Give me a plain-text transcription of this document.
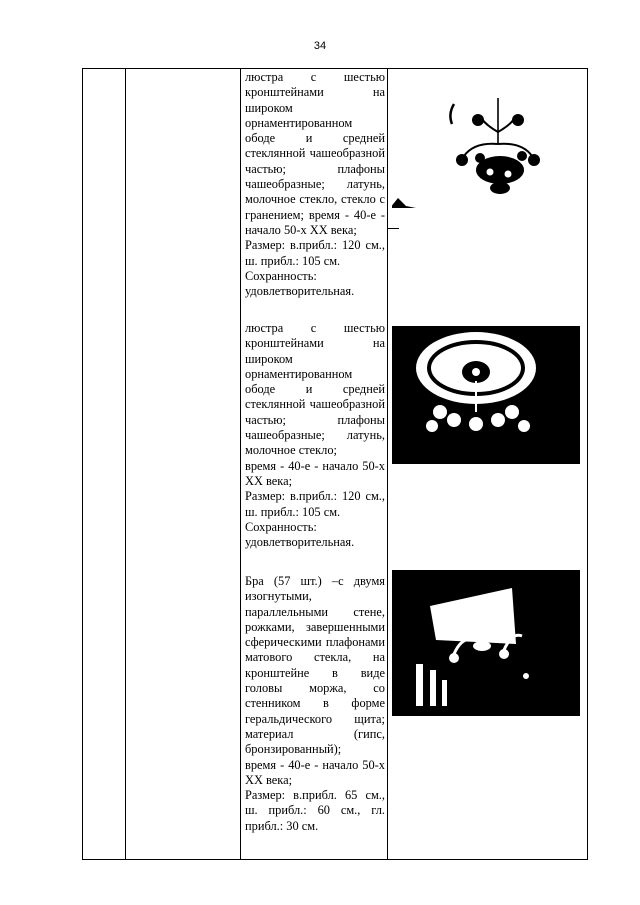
34

люстра с шестью кронштейнами на широком орнаментированном ободе и средней стеклянной чашеобразной частью; плафоны чашеобразные; латунь, молочное стекло, стекло с гранением; время - 40-е - начало 50-х XX века;

Размер: в.прибл.: 120 см., ш. прибл.: 105 см.

Сохранность: удовлетворительная.

люстра с шестью кронштейнами на широком орнаментированном ободе и средней стеклянной чашеобразной частью; плафоны чашеобразные; латунь, молочное стекло;

время - 40-е - начало 50-х XX века;

Размер: в.прибл.: 120 см., ш. прибл.: 105 см.

Сохранность: удовлетворительная.

Бра (57 шт.) –с двумя изогнутыми, параллельными стене, рожками, завершенными сферическими плафонами матового стекла, на кронштейне в виде головы моржа, со стенником в форме геральдического щита; материал (гипс, бронзированный);

время - 40-е - начало 50-х XX века;

Размер: в.прибл. 65 см., ш. прибл.: 60 см., гл. прибл.: 30 см.
